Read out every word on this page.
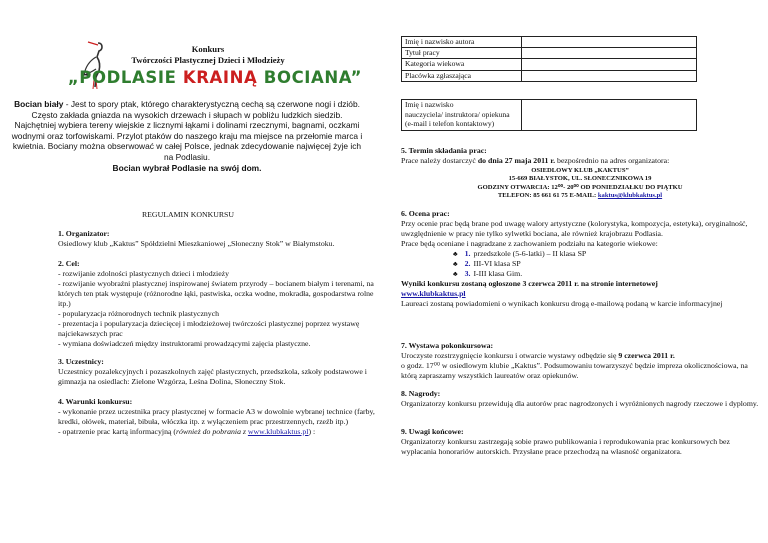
Konkurs
Twórczości Plastycznej Dzieci i Młodzieży
„PODLASIE KRAINĄ BOCIANA”
Bocian biały - Jest to spory ptak, którego charakterystyczną cechą są czerwone nogi i dziób. Często zakłada gniazda na wysokich drzewach i słupach w pobliżu ludzkich siedzib. Najchętniej wybiera tereny wiejskie z licznymi łąkami i dolinami rzecznymi, bagnami, oczkami wodnymi oraz torfowiskami. Przylot ptaków do naszego kraju ma miejsce na przełomie marca i kwietnia. Bociany można obserwować w całej Polsce, jednak zdecydowanie najwięcej żyje ich na Podlasiu.
Bocian wybrał Podlasie na swój dom.
REGULAMIN KONKURSU

1. Organizator:

Osiedlowy klub „Kaktus” Spółdzielni Mieszkaniowej „Słoneczny Stok” w Białymstoku.

2. Cel:

- rozwijanie zdolności plastycznych dzieci i młodzieży

- rozwijanie wyobraźni plastycznej inspirowanej światem przyrody – bocianem białym i terenami, na których ten ptak występuje (różnorodne łąki, pastwiska, oczka wodne, mokradła, gospodarstwa rolne itp.)

- popularyzacja różnorodnych technik plastycznych

- prezentacja i popularyzacja dziecięcej i młodzieżowej twórczości plastycznej poprzez wystawę najciekawszych prac

- wymiana doświadczeń między instruktorami prowadzącymi zajęcia plastyczne.

3. Uczestnicy:

Uczestnicy pozalekcyjnych i pozaszkolnych zajęć plastycznych, przedszkola, szkoły podstawowe i gimnazja na osiedlach: Zielone Wzgórza, Leśna Dolina, Słoneczny Stok.

4. Warunki konkursu:

- wykonanie przez uczestnika pracy plastycznej w formacie A3 w dowolnie wybranej technice (farby, kredki, ołówek, materiał, bibuła, włóczka itp. z wyłączeniem prac przestrzennych, rzeźb itp.)

- opatrzenie prac kartą informacyjną (również do pobrania z www.klubkaktus.pl) :

Imię i nazwisko autora	
Tytuł pracy	
Kategoria wiekowa	
Placówka zgłaszająca	
Imię i nazwisko
nauczyciela/ instruktora/ opiekuna
(e-mail i telefon kontaktowy)

5. Termin składania prac:

Prace należy dostarczyć do dnia 27 maja 2011 r. bezpośrednio na adres organizatora:

OSIEDLOWY KLUB „KAKTUS”

15-669 BIAŁYSTOK, UL. SŁONECZNIKOWA 19

GODZINY OTWARCIA: 12⁰⁰- 20⁰⁰ OD PONIEDZIAŁKU DO PIĄTKU

TELEFON: 85 661 61 75 E-MAIL: kaktus@klubkaktus.pl

6. Ocena prac:

Przy ocenie prac będą brane pod uwagę walory artystyczne (kolorystyka, kompozycja, estetyka), oryginalność, uwzględnienie w pracy nie tylko sylwetki bociana, ale również krajobrazu Podlasia.

Prace będą oceniane i nagradzane z zachowaniem podziału na kategorie wiekowe:

♣ 1. przedszkole (5-6-latki) – II klasa SP

♣ 2. III-VI klasa SP

♣ 3. I-III klasa Gim.

Wyniki konkursu zostaną ogłoszone 3 czerwca 2011 r. na stronie internetowej

www.klubkaktus.pl

Laureaci zostaną powiadomieni o wynikach konkursu drogą e-mailową podaną w karcie informacyjnej

7. Wystawa pokonkursowa:

Uroczyste rozstrzygnięcie konkursu i otwarcie wystawy odbędzie się 9 czerwca 2011 r.

o godz. 17⁰⁰ w osiedlowym klubie „Kaktus”. Podsumowaniu towarzyszyć będzie impreza okolicznościowa, na którą zapraszamy wszystkich laureatów oraz opiekunów.

8. Nagrody:

Organizatorzy konkursu przewidują dla autorów prac nagrodzonych i wyróżnionych nagrody rzeczowe i dyplomy.

9. Uwagi końcowe:

Organizatorzy konkursu zastrzegają sobie prawo publikowania i reprodukowania prac konkursowych bez wypłacania honorariów autorskich. Przysłane prace przechodzą na własność organizatora.
